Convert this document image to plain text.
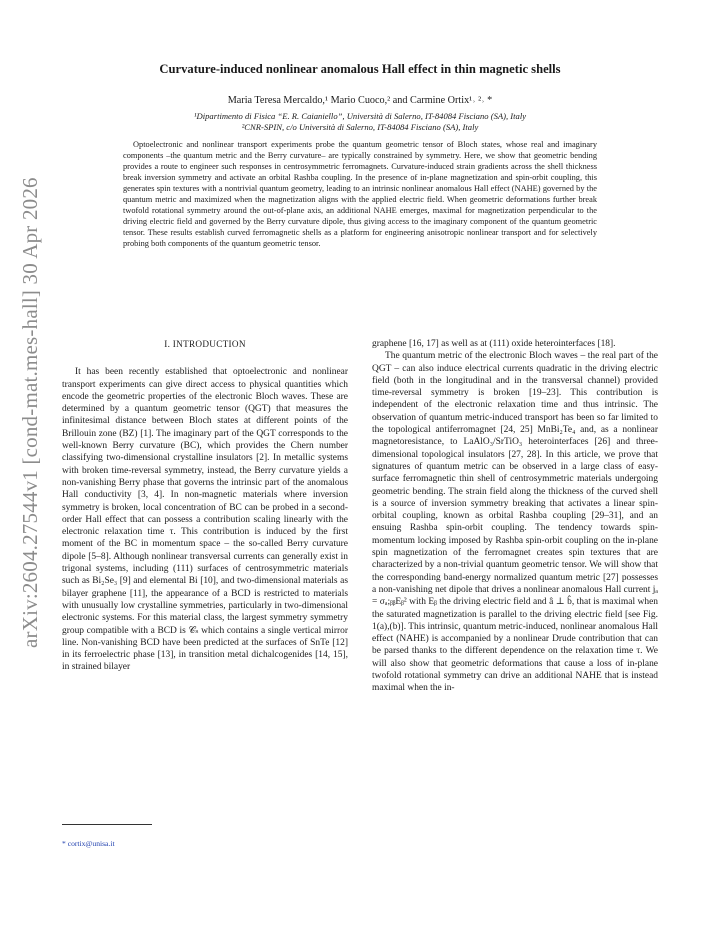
arXiv:2604.27544v1 [cond-mat.mes-hall] 30 Apr 2026
Curvature-induced nonlinear anomalous Hall effect in thin magnetic shells
Maria Teresa Mercaldo,¹ Mario Cuoco,² and Carmine Ortix¹˒ ²˒ *
¹Dipartimento di Fisica “E. R. Caianiello”, Università di Salerno, IT-84084 Fisciano (SA), Italy
²CNR-SPIN, c/o Università di Salerno, IT-84084 Fisciano (SA), Italy

Optoelectronic and nonlinear transport experiments probe the quantum geometric tensor of Bloch states, whose real and imaginary components –the quantum metric and the Berry curvature– are typically constrained by symmetry. Here, we show that geometric bending provides a route to engineer such responses in centrosymmetric ferromagnets. Curvature-induced strain gradients across the shell thickness break inversion symmetry and activate an orbital Rashba coupling. In the presence of in-plane magnetization and spin-orbit coupling, this generates spin textures with a nontrivial quantum geometry, leading to an intrinsic nonlinear anomalous Hall effect (NAHE) governed by the quantum metric and maximized when the magnetization aligns with the applied electric field. When geometric deformations further break twofold rotational symmetry around the out-of-plane axis, an additional NAHE emerges, maximal for magnetization perpendicular to the driving electric field and governed by the Berry curvature dipole, thus giving access to the imaginary component of the quantum geometric tensor. These results establish curved ferromagnetic shells as a platform for engineering anisotropic nonlinear transport and for selectively probing both components of the quantum geometric tensor.

I. INTRODUCTION

It has been recently established that optoelectronic and nonlinear transport experiments can give direct access to physical quantities which encode the geometric properties of the electronic Bloch waves. These are determined by a quantum geometric tensor (QGT) that measures the infinitesimal distance between Bloch states at different points of the Brillouin zone (BZ) [1]. The imaginary part of the QGT corresponds to the well-known Berry curvature (BC), which provides the Chern number classifying two-dimensional crystalline insulators [2]. In metallic systems with broken time-reversal symmetry, instead, the Berry curvature yields a non-vanishing Berry phase that governs the intrinsic part of the anomalous Hall conductivity [3, 4]. In non-magnetic materials where inversion symmetry is broken, local concentration of BC can be probed in a second-order Hall effect that can possess a contribution scaling linearly with the electronic relaxation time τ. This contribution is induced by the first moment of the BC in momentum space – the so-called Berry curvature dipole [5–8]. Although nonlinear transversal currents can generally exist in trigonal systems, including (111) surfaces of centrosymmetric materials such as Bi₂Se₃ [9] and elemental Bi [10], and two-dimensional materials as bilayer graphene [11], the appearance of a BCD is restricted to materials with unusually low crystalline symmetries, particularly in two-dimensional electronic systems. For this material class, the largest symmetry symmetry group compatible with a BCD is 𝒞ₛ which contains a single vertical mirror line. Non-vanishing BCD have been predicted at the surfaces of SnTe [12] in its ferroelectric phase [13], in transition metal dichalcogenides [14, 15], in strained bilayer

graphene [16, 17] as well as at (111) oxide heterointerfaces [18].

The quantum metric of the electronic Bloch waves – the real part of the QGT – can also induce electrical currents quadratic in the driving electric field (both in the longitudinal and in the transversal channel) provided time-reversal symmetry is broken [19–23]. This contribution is independent of the electronic relaxation time and thus intrinsic. The observation of quantum metric-induced transport has been so far limited to the topological antiferromagnet [24, 25] MnBi₂Te₄ and, as a nonlinear magnetoresistance, to LaAlO₃/SrTiO₃ heterointerfaces [26] and three-dimensional topological insulators [27, 28]. In this article, we prove that signatures of quantum metric can be observed in a large class of easy-surface ferromagnetic thin shell of centrosymmetric materials undergoing geometric bending. The strain field along the thickness of the curved shell is a source of inversion symmetry breaking that activates a linear spin-orbital coupling, known as orbital Rashba coupling [29–31], and an ensuing Rashba spin-orbit coupling. The tendency towards spin-momentum locking imposed by Rashba spin-orbit coupling on the in-plane spin magnetization of the ferromagnet creates spin textures that are characterized by a non-trivial quantum geometric tensor. We will show that the corresponding band-energy normalized quantum metric [27] possesses a non-vanishing net dipole that drives a nonlinear anomalous Hall current jₐ = σₐ;ᵦᵦEᵦ² with Eᵦ the driving electric field and â ⊥ b̂, that is maximal when the saturated magnetization is parallel to the driving electric field [see Fig. 1(a),(b)]. This intrinsic, quantum metric-induced, nonlinear anomalous Hall effect (NAHE) is accompanied by a nonlinear Drude contribution that can be parsed thanks to the different dependence on the relaxation time τ. We will also show that geometric deformations that cause a loss of in-plane twofold rotational symmetry can drive an additional NAHE that is instead maximal when the in-

* cortix@unisa.it
